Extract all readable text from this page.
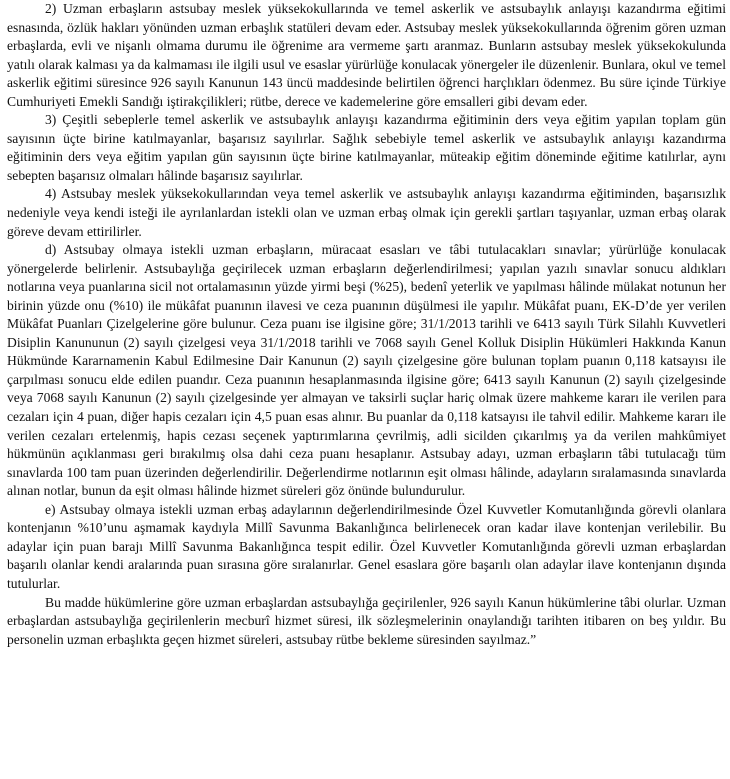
2) Uzman erbaşların astsubay meslek yüksekokullarında ve temel askerlik ve astsubaylık anlayışı kazandırma eğitimi esnasında, özlük hakları yönünden uzman erbaşlık statüleri devam eder. Astsubay meslek yüksekokullarında öğrenim gören uzman erbaşlarda, evli ve nişanlı olmama durumu ile öğrenime ara vermeme şartı aranmaz. Bunların astsubay meslek yüksekokulunda yatılı olarak kalması ya da kalmaması ile ilgili usul ve esaslar yürürlüğe konulacak yönergeler ile düzenlenir. Bunlara, okul ve temel askerlik eğitimi süresince 926 sayılı Kanunun 143 üncü maddesinde belirtilen öğrenci harçlıkları ödenmez. Bu süre içinde Türkiye Cumhuriyeti Emekli Sandığı iştirakçilikleri; rütbe, derece ve kademelerine göre emsalleri gibi devam eder.

3) Çeşitli sebeplerle temel askerlik ve astsubaylık anlayışı kazandırma eğitiminin ders veya eğitim yapılan toplam gün sayısının üçte birine katılmayanlar, başarısız sayılırlar. Sağlık sebebiyle temel askerlik ve astsubaylık anlayışı kazandırma eğitiminin ders veya eğitim yapılan gün sayısının üçte birine katılmayanlar, müteakip eğitim döneminde eğitime katılırlar, aynı sebepten başarısız olmaları hâlinde başarısız sayılırlar.

4) Astsubay meslek yüksekokullarından veya temel askerlik ve astsubaylık anlayışı kazandırma eğitiminden, başarısızlık nedeniyle veya kendi isteği ile ayrılanlardan istekli olan ve uzman erbaş olmak için gerekli şartları taşıyanlar, uzman erbaş olarak göreve devam ettirilirler.

d) Astsubay olmaya istekli uzman erbaşların, müracaat esasları ve tâbi tutulacakları sınavlar; yürürlüğe konulacak yönergelerde belirlenir. Astsubaylığa geçirilecek uzman erbaşların değerlendirilmesi; yapılan yazılı sınavlar sonucu aldıkları notlarına veya puanlarına sicil not ortalamasının yüzde yirmi beşi (%25), bedenî yeterlik ve yapılması hâlinde mülakat notunun her birinin yüzde onu (%10) ile mükâfat puanının ilavesi ve ceza puanının düşülmesi ile yapılır. Mükâfat puanı, EK-D’de yer verilen Mükâfat Puanları Çizelgelerine göre bulunur. Ceza puanı ise ilgisine göre; 31/1/2013 tarihli ve 6413 sayılı Türk Silahlı Kuvvetleri Disiplin Kanununun (2) sayılı çizelgesi veya 31/1/2018 tarihli ve 7068 sayılı Genel Kolluk Disiplin Hükümleri Hakkında Kanun Hükmünde Kararnamenin Kabul Edilmesine Dair Kanunun (2) sayılı çizelgesine göre bulunan toplam puanın 0,118 katsayısı ile çarpılması sonucu elde edilen puandır. Ceza puanının hesaplanmasında ilgisine göre; 6413 sayılı Kanunun (2) sayılı çizelgesinde veya 7068 sayılı Kanunun (2) sayılı çizelgesinde yer almayan ve taksirli suçlar hariç olmak üzere mahkeme kararı ile verilen para cezaları için 4 puan, diğer hapis cezaları için 4,5 puan esas alınır. Bu puanlar da 0,118 katsayısı ile tahvil edilir. Mahkeme kararı ile verilen cezaları ertelenmiş, hapis cezası seçenek yaptırımlarına çevrilmiş, adli sicilden çıkarılmış ya da verilen mahkûmiyet hükmünün açıklanması geri bırakılmış olsa dahi ceza puanı hesaplanır. Astsubay adayı, uzman erbaşların tâbi tutulacağı tüm sınavlarda 100 tam puan üzerinden değerlendirilir. Değerlendirme notlarının eşit olması hâlinde, adayların sıralamasında sınavlarda alınan notlar, bunun da eşit olması hâlinde hizmet süreleri göz önünde bulundurulur.

e) Astsubay olmaya istekli uzman erbaş adaylarının değerlendirilmesinde Özel Kuvvetler Komutanlığında görevli olanlara kontenjanın %10’unu aşmamak kaydıyla Millî Savunma Bakanlığınca belirlenecek oran kadar ilave kontenjan verilebilir. Bu adaylar için puan barajı Millî Savunma Bakanlığınca tespit edilir. Özel Kuvvetler Komutanlığında görevli uzman erbaşlardan başarılı olanlar kendi aralarında puan sırasına göre sıralanırlar. Genel esaslara göre başarılı olan adaylar ilave kontenjanın dışında tutulurlar.

Bu madde hükümlerine göre uzman erbaşlardan astsubaylığa geçirilenler, 926 sayılı Kanun hükümlerine tâbi olurlar. Uzman erbaşlardan astsubaylığa geçirilenlerin mecburî hizmet süresi, ilk sözleşmelerinin onaylandığı tarihten itibaren on beş yıldır. Bu personelin uzman erbaşlıkta geçen hizmet süreleri, astsubay rütbe bekleme süresinden sayılmaz.”
